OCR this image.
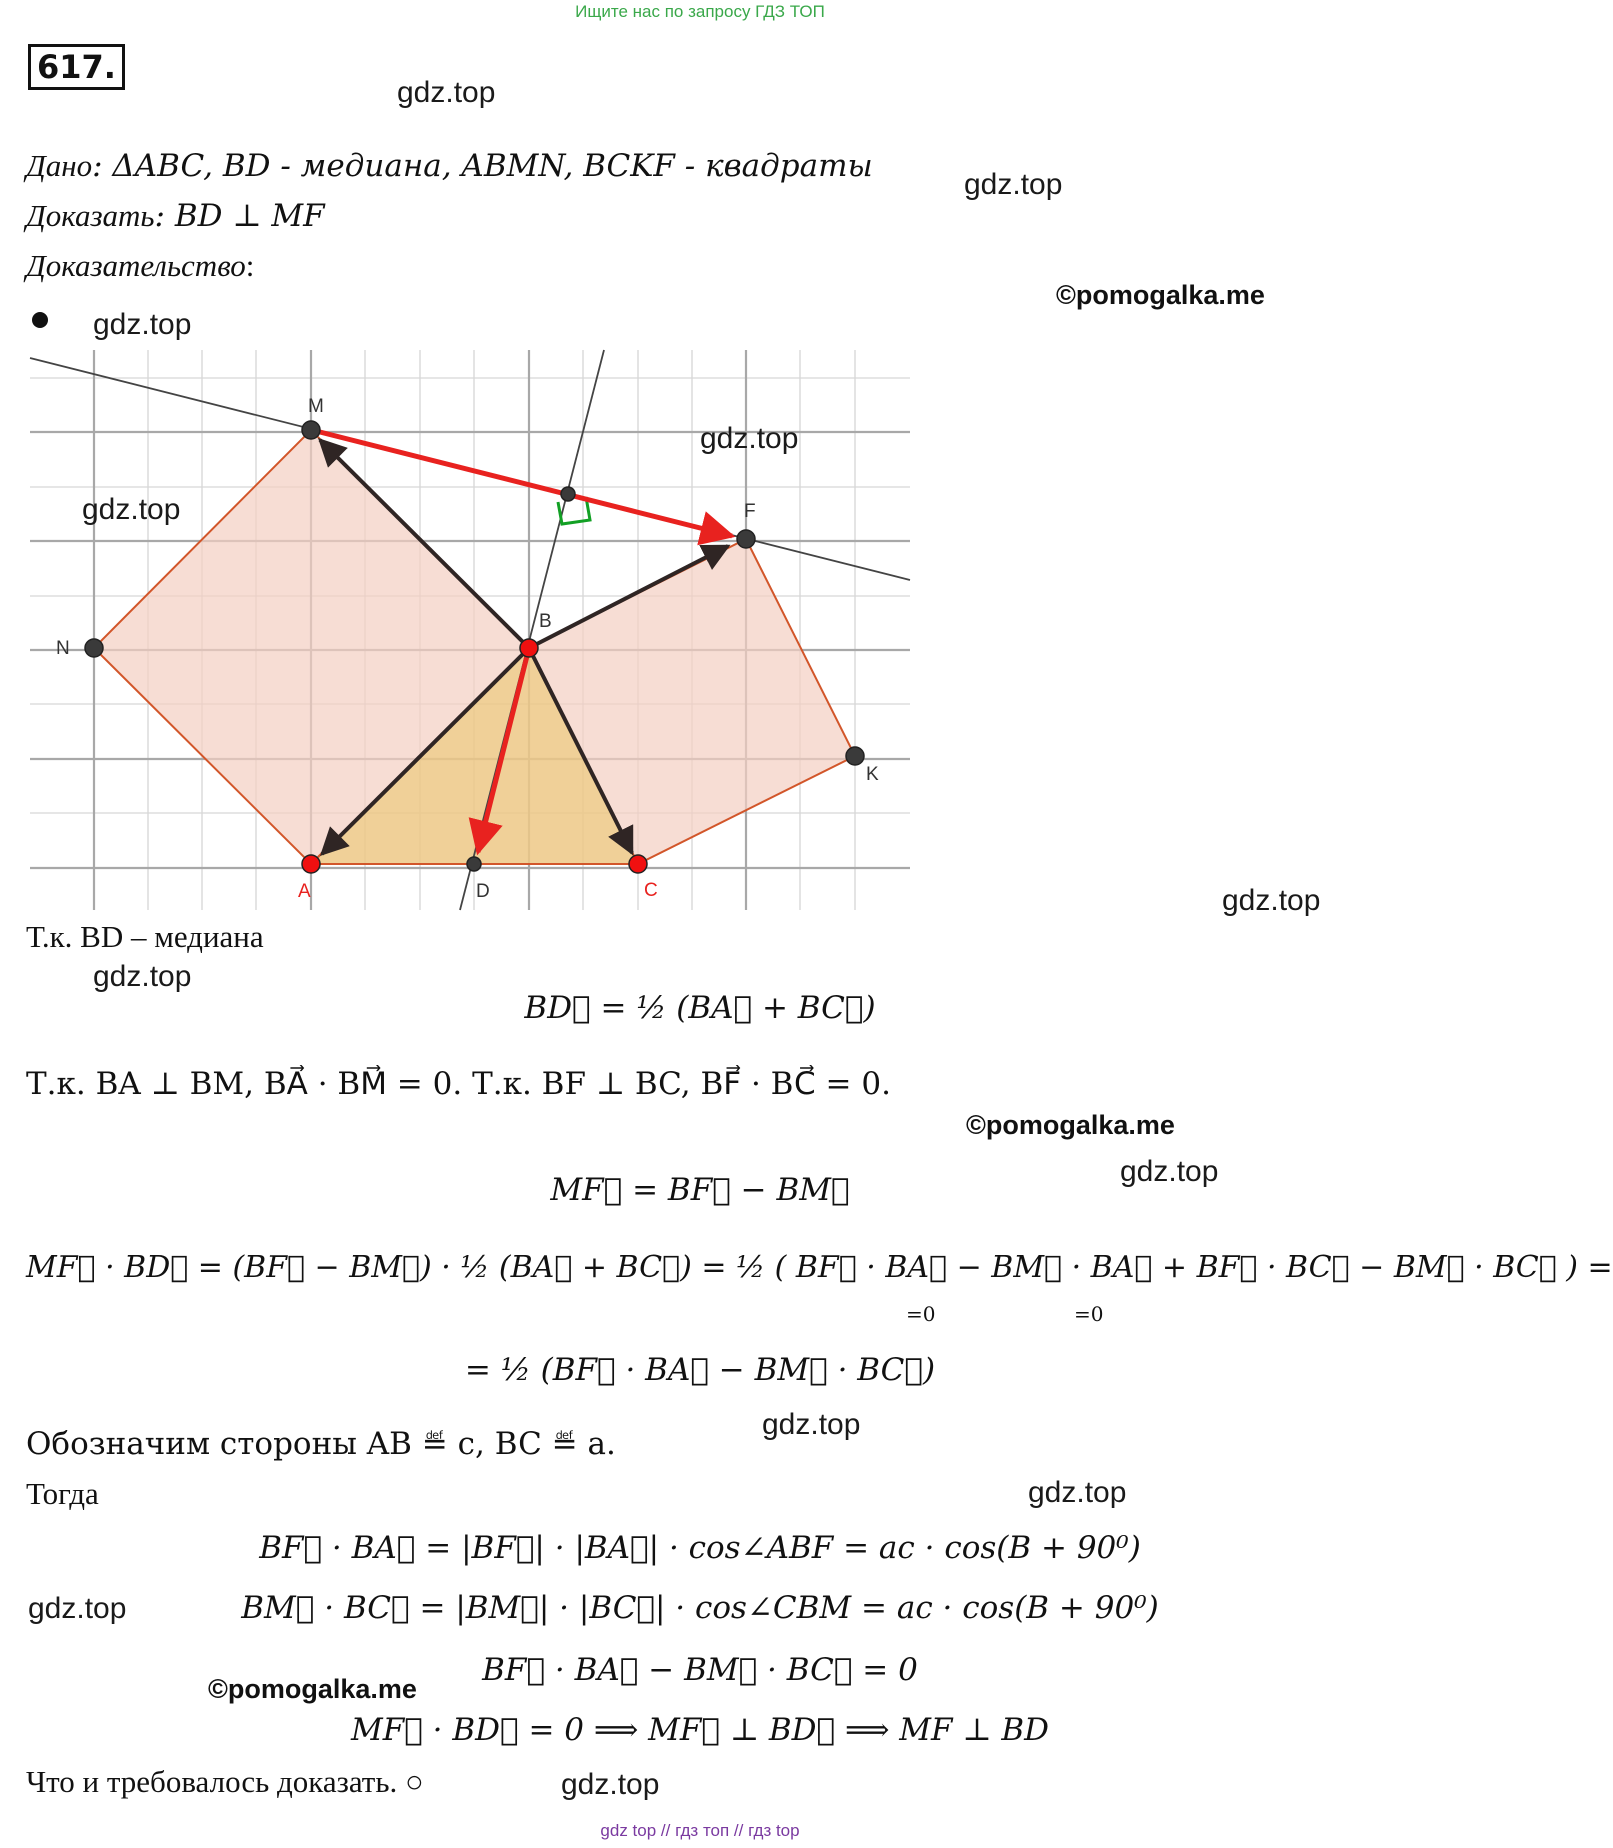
Ищите нас по запросу ГДЗ ТОП
617.
gdz.top
gdz.top
©pomogalka.me
gdz.top
Дано: ΔABC, BD - медиана, ABMN, BCKF - квадраты
Доказать: BD ⊥ MF
Доказательство:
M
F
N
B
K
A	D	C
gdz.top
gdz.top
gdz.top
Т.к. BD – медиана
gdz.top
BD⃗ = ½ (BA⃗ + BC⃗)
Т.к. BA ⊥ BM, BA⃗ · BM⃗ = 0. Т.к. BF ⊥ BC, BF⃗ · BC⃗ = 0.
©pomogalka.me
gdz.top
MF⃗ = BF⃗ − BM⃗
MF⃗ · BD⃗ = (BF⃗ − BM⃗) · ½ (BA⃗ + BC⃗) = ½ ( BF⃗ · BA⃗ − BM⃗ · BA⃗ + BF⃗ · BC⃗ − BM⃗ · BC⃗ ) =
=0	=0
= ½ (BF⃗ · BA⃗ − BM⃗ · BC⃗)
gdz.top
Обозначим стороны AB ≝ c, BC ≝ a.
Тогда	gdz.top
BF⃗ · BA⃗ = |BF⃗| · |BA⃗| · cos∠ABF = ac · cos(B + 90⁰)
BM⃗ · BC⃗ = |BM⃗| · |BC⃗| · cos∠CBM = ac · cos(B + 90⁰)
gdz.top
BF⃗ · BA⃗ − BM⃗ · BC⃗ = 0
©pomogalka.me
MF⃗ · BD⃗ = 0 ⟹ MF⃗ ⊥ BD⃗ ⟹ MF ⊥ BD
Что и требовалось доказать. ○	gdz.top
gdz top // гдз топ // гдз top
